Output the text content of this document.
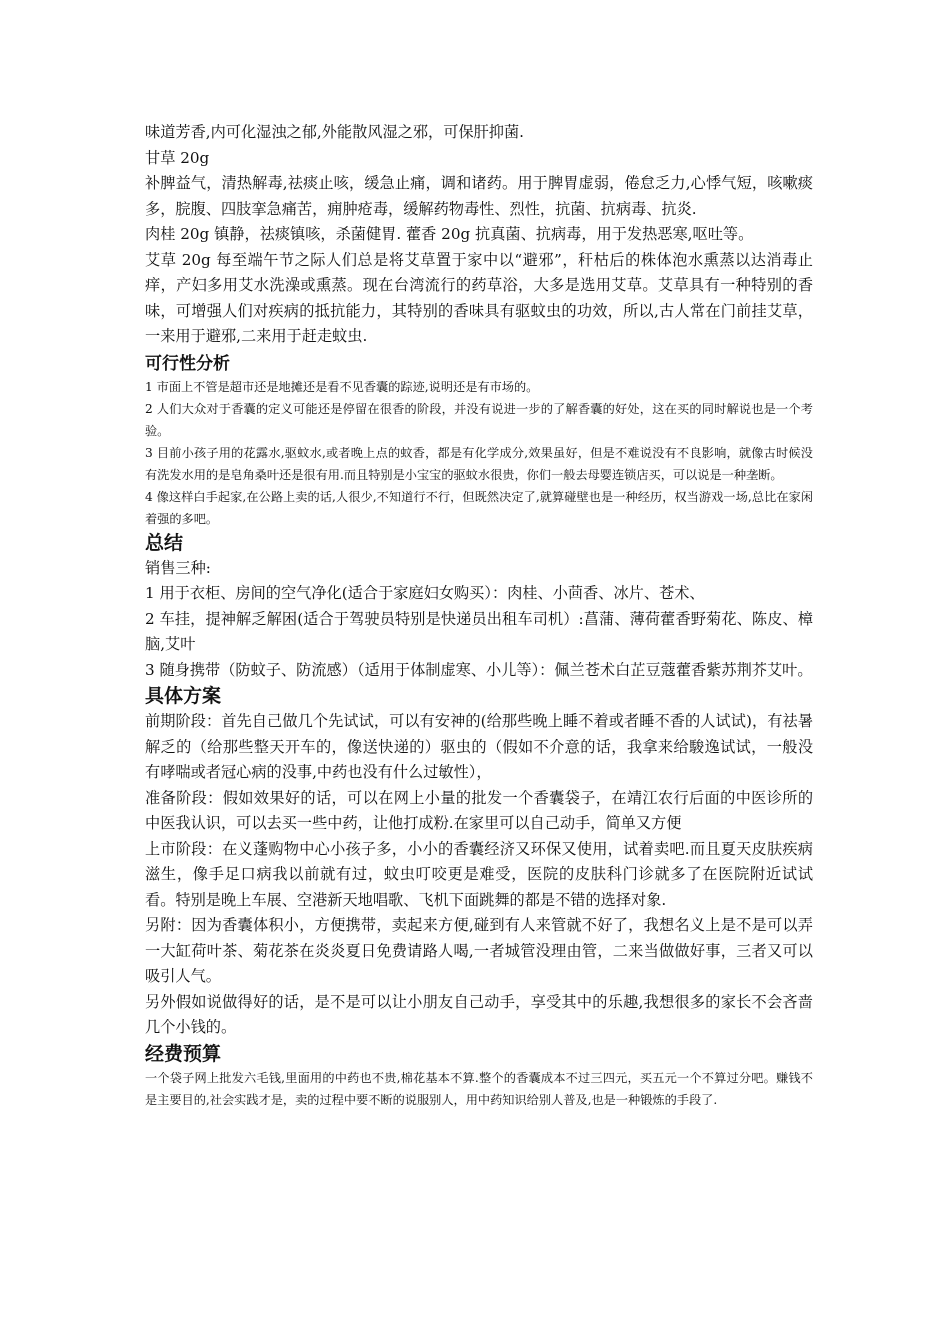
味道芳香,内可化湿浊之郁,外能散风湿之邪，可保肝抑菌.

甘草 20g

补脾益气，清热解毒,祛痰止咳，缓急止痛，调和诸药。用于脾胃虚弱，倦怠乏力,心悸气短，咳嗽痰多，脘腹、四肢挛急痛苦，痈肿疮毒，缓解药物毒性、烈性，抗菌、抗病毒、抗炎.

肉桂 20g 镇静，祛痰镇咳，杀菌健胃. 藿香 20g 抗真菌、抗病毒，用于发热恶寒,呕吐等。

艾草 20g 每至端午节之际人们总是将艾草置于家中以“避邪”，秆枯后的株体泡水熏蒸以达消毒止痒，产妇多用艾水洗澡或熏蒸。现在台湾流行的药草浴，大多是选用艾草。艾草具有一种特别的香味，可增强人们对疾病的抵抗能力，其特别的香味具有驱蚊虫的功效，所以,古人常在门前挂艾草，一来用于避邪,二来用于赶走蚊虫.

可行性分析

1 市面上不管是超市还是地摊还是看不见香囊的踪迹,说明还是有市场的。

2 人们大众对于香囊的定义可能还是停留在很香的阶段，并没有说进一步的了解香囊的好处，这在买的同时解说也是一个考验。

3 目前小孩子用的花露水,驱蚊水,或者晚上点的蚊香，都是有化学成分,效果虽好，但是不难说没有不良影响，就像古时候没有洗发水用的是皂角桑叶还是很有用.而且特别是小宝宝的驱蚊水很贵，你们一般去母婴连锁店买，可以说是一种垄断。

4 像这样白手起家,在公路上卖的话,人很少,不知道行不行，但既然决定了,就算碰壁也是一种经历，权当游戏一场,总比在家闲着强的多吧。

总结

销售三种:

1 用于衣柜、房间的空气净化(适合于家庭妇女购买）：肉桂、小茴香、冰片、苍术、

2 车挂，提神解乏解困(适合于驾驶员特别是快递员出租车司机）:菖蒲、薄荷藿香野菊花、陈皮、樟脑,艾叶

3 随身携带（防蚊子、防流感）（适用于体制虚寒、小儿等）：佩兰苍术白芷豆蔻藿香紫苏荆芥艾叶。

具体方案

前期阶段：首先自己做几个先试试，可以有安神的(给那些晚上睡不着或者睡不香的人试试)，有祛暑解乏的（给那些整天开车的，像送快递的）驱虫的（假如不介意的话，我拿来给駿逸试试，一般没有哮喘或者冠心病的没事,中药也没有什么过敏性），

准备阶段：假如效果好的话，可以在网上小量的批发一个香囊袋子，在靖江农行后面的中医诊所的中医我认识，可以去买一些中药，让他打成粉.在家里可以自己动手，简单又方便

上市阶段：在义蓬购物中心小孩子多，小小的香囊经济又环保又使用，试着卖吧.而且夏天皮肤疾病滋生，像手足口病我以前就有过，蚊虫叮咬更是难受，医院的皮肤科门诊就多了在医院附近试试看。特别是晚上车展、空港新天地唱歌、飞机下面跳舞的都是不错的选择对象.

另附：因为香囊体积小，方便携带，卖起来方便,碰到有人来管就不好了，我想名义上是不是可以弄一大缸荷叶茶、菊花茶在炎炎夏日免费请路人喝,一者城管没理由管，二来当做做好事，三者又可以吸引人气。

另外假如说做得好的话，是不是可以让小朋友自己动手，享受其中的乐趣,我想很多的家长不会吝啬几个小钱的。

经费预算

一个袋子网上批发六毛钱,里面用的中药也不贵,棉花基本不算.整个的香囊成本不过三四元，买五元一个不算过分吧。赚钱不是主要目的,社会实践才是，卖的过程中要不断的说服别人，用中药知识给别人普及,也是一种锻炼的手段了.
